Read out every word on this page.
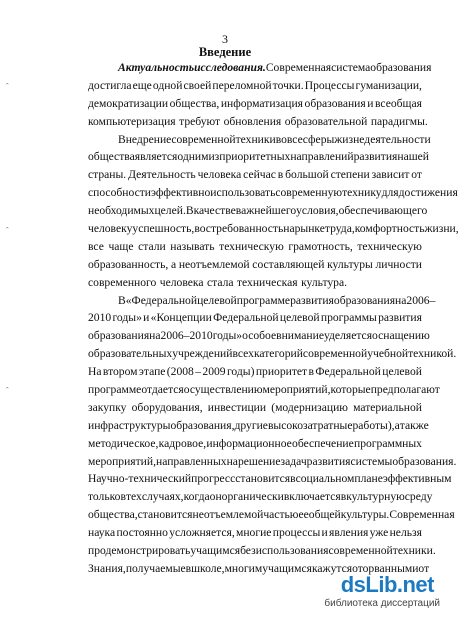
3
Введение
Актуальность исследования. Современная система образования
достигла еще одной своей переломной точки. Процессы гуманизации,
демократизации общества, информатизация образования и всеобщая
компьютеризация требуют обновления образовательной парадигмы.
Внедрение современной техники во все сферы жизнедеятельности
общества является одним из приоритетных направлений развития нашей
страны. Деятельность человека сейчас в большой степени зависит от
способности эффективно использовать современную технику для достижения
необходимых целей. В качестве важнейшего условия, обеспечивающего
человеку успешность, востребованность на рынке труда, комфортность жизни,
все чаще стали называть техническую грамотность, техническую
образованность, а неотъемлемой составляющей культуры личности
современного человека стала техническая культура.
В «Федеральной целевой программе развития образования на 2006 –
2010 годы» и «Концепции Федеральной целевой программы развития
образования на 2006 – 2010 годы» особое внимание уделяется оснащению
образовательных учреждений всех категорий современной учебной техникой.
На втором этапе (2008 – 2009 годы) приоритет в Федеральной целевой
программе отдается осуществлению мероприятий, которые предполагают
закупку оборудования, инвестиции (модернизацию материальной
инфраструктуры образования, другие высокозатратные работы), а также
методическое, кадровое, информационное обеспечение программных
мероприятий, направленных на решение задач развития системы образования.
Научно-технический прогресс становится в социальном плане эффективным
только в тех случаях, когда он органически включается в культурную среду
общества, становится неотъемлемой частью ее общей культуры. Современная
наука постоянно усложняется, многие процессы и явления уже нельзя
продемонстрировать учащимся без использования современной техники.
Знания, получаемые в школе, многим учащимся кажутся оторванными от
ˆ
ˆ
ˆ
dsLib.net
библиотека диссертаций
